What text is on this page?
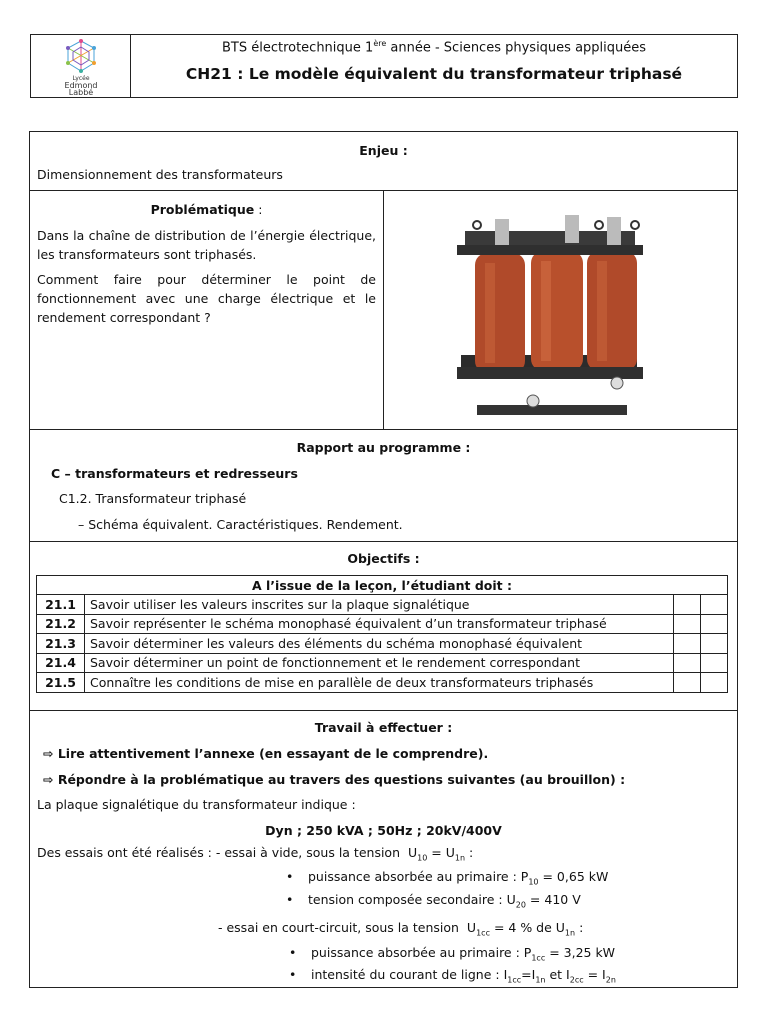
Lycée
Edmond
Labbé
BTS électrotechnique 1ère année - Sciences physiques appliquées
CH21 : Le modèle équivalent du transformateur triphasé
Enjeu :
Dimensionnement des transformateurs
Problématique :
Dans la chaîne de distribution de l’énergie électrique, les transformateurs sont triphasés.
Comment faire pour déterminer le point de fonctionnement avec une charge électrique et le rendement correspondant ?
Rapport au programme :
C – transformateurs et redresseurs
C1.2. Transformateur triphasé
– Schéma équivalent. Caractéristiques. Rendement.
Objectifs :
A l’issue de la leçon, l’étudiant doit :			
21.1	Savoir utiliser les valeurs inscrites sur la plaque signalétique		
21.2	Savoir représenter le schéma monophasé équivalent d’un transformateur triphasé		
21.3	Savoir déterminer les valeurs des éléments du schéma monophasé équivalent		
21.4	Savoir déterminer un point de fonctionnement et le rendement correspondant		
21.5	Connaître les conditions de mise en parallèle de deux transformateurs triphasés		
Travail à effectuer :
⇨ Lire attentivement l’annexe (en essayant de le comprendre).
⇨ Répondre à la problématique au travers des questions suivantes (au brouillon) :
La plaque signalétique du transformateur indique :
Dyn ; 250 kVA ; 50Hz ; 20kV/400V
Des essais ont été réalisés : - essai à vide, sous la tension  $U_{10} = U_{1n}$ :
• puissance absorbée au primaire : $P_{10} = 0,65$ kW
• tension composée secondaire : $U_{20} = 410$ V
- essai en court-circuit, sous la tension  $U_{1cc} = 4$ % de $U_{1n}$ :
• puissance absorbée au primaire : $P_{1cc} = 3,25$ kW
• intensité du courant de ligne : $I_{1cc}=I_{1n}$ et $I_{2cc} = I_{2n}$
